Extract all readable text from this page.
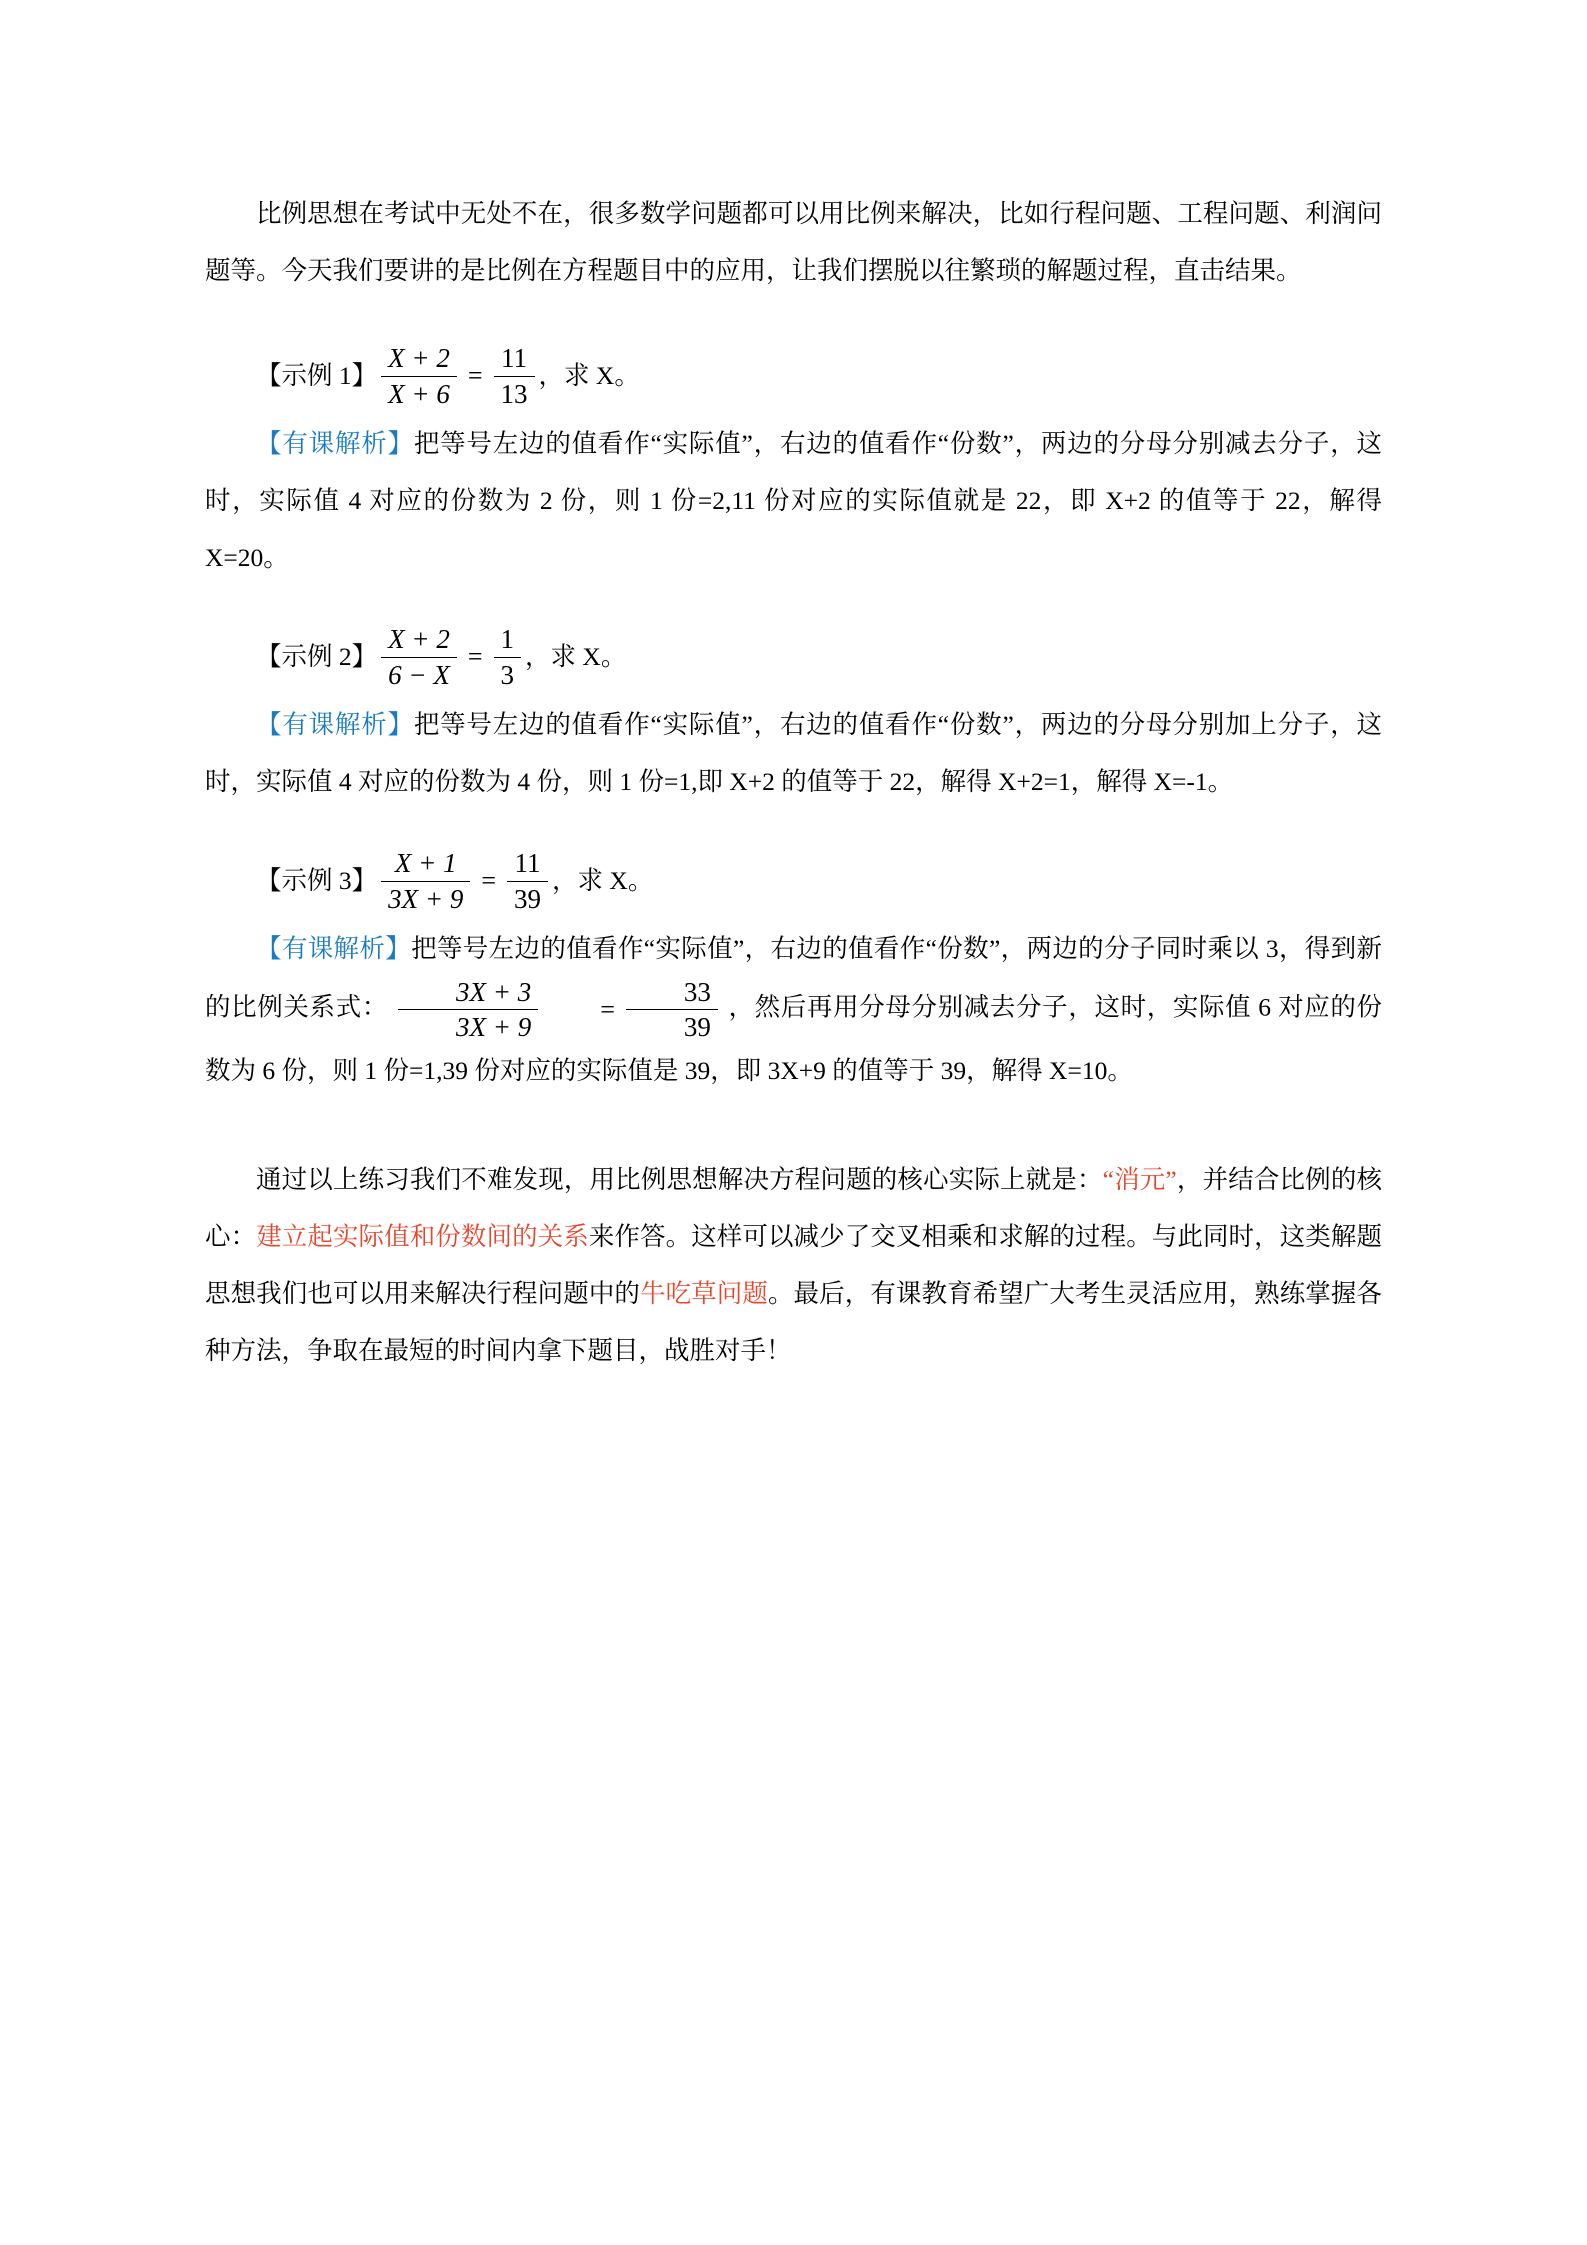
比例思想在考试中无处不在，很多数学问题都可以用比例来解决，比如行程问题、工程问题、利润问题等。今天我们要讲的是比例在方程题目中的应用，让我们摆脱以往繁琐的解题过程，直击结果。

【示例 1】 $\frac{X + 2}{X + 6} = \frac{11}{13}$ ，求 X。

【有课解析】把等号左边的值看作“实际值”，右边的值看作“份数”，两边的分母分别减去分子，这时，实际值 4 对应的份数为 2 份，则 1 份=2,11 份对应的实际值就是 22，即 X+2 的值等于 22，解得 X=20。

【示例 2】 $\frac{X + 2}{6 - X} = \frac{1}{3}$ ，求 X。

【有课解析】把等号左边的值看作“实际值”，右边的值看作“份数”，两边的分母分别加上分子，这时，实际值 4 对应的份数为 4 份，则 1 份=1,即 X+2 的值等于 22，解得 X+2=1，解得 X=-1。

【示例 3】 $\frac{X + 1}{3X + 9} = \frac{11}{39}$ ，求 X。

【有课解析】把等号左边的值看作“实际值”，右边的值看作“份数”，两边的分子同时乘以 3，得到新的比例关系式： $\frac{3X + 3}{3X + 9}$	= $\frac{33}{39}$ ，然后再用分母分别减去分子，这时，实际值 6 对应的份数为 6 份，则 1 份=1,39 份对应的实际值是 39，即 3X+9 的值等于 39，解得 X=10。

通过以上练习我们不难发现，用比例思想解决方程问题的核心实际上就是：“消元”，并结合比例的核心：建立起实际值和份数间的关系来作答。这样可以减少了交叉相乘和求解的过程。与此同时，这类解题思想我们也可以用来解决行程问题中的牛吃草问题。最后，有课教育希望广大考生灵活应用，熟练掌握各种方法，争取在最短的时间内拿下题目，战胜对手！
